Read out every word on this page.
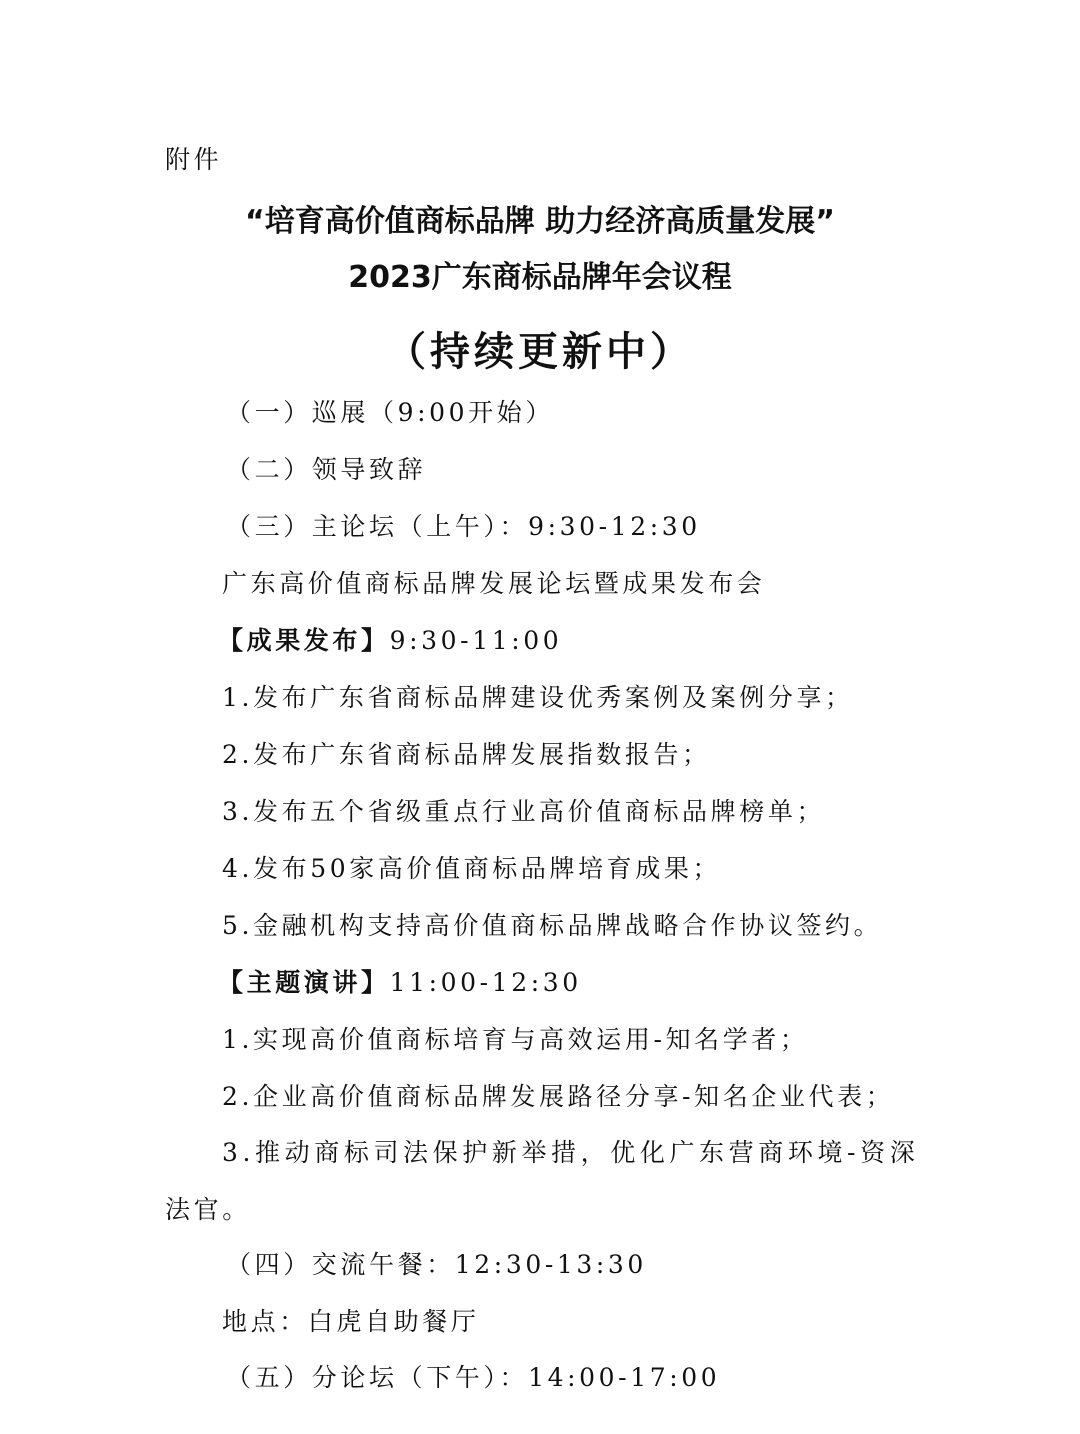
附件
“培育高价值商标品牌 助力经济高质量发展”
2023广东商标品牌年会议程
（持续更新中）
（一）巡展（9:00开始）
（二）领导致辞
（三）主论坛（上午）：9:30-12:30
广东高价值商标品牌发展论坛暨成果发布会
【成果发布】9:30-11:00
1.发布广东省商标品牌建设优秀案例及案例分享；
2.发布广东省商标品牌发展指数报告；
3.发布五个省级重点行业高价值商标品牌榜单；
4.发布50家高价值商标品牌培育成果；
5.金融机构支持高价值商标品牌战略合作协议签约。
【主题演讲】11:00-12:30
1.实现高价值商标培育与高效运用-知名学者；
2.企业高价值商标品牌发展路径分享-知名企业代表；
3.推动商标司法保护新举措，优化广东营商环境-资深
法官。
（四）交流午餐：12:30-13:30
地点：白虎自助餐厅
（五）分论坛（下午）：14:00-17:00
